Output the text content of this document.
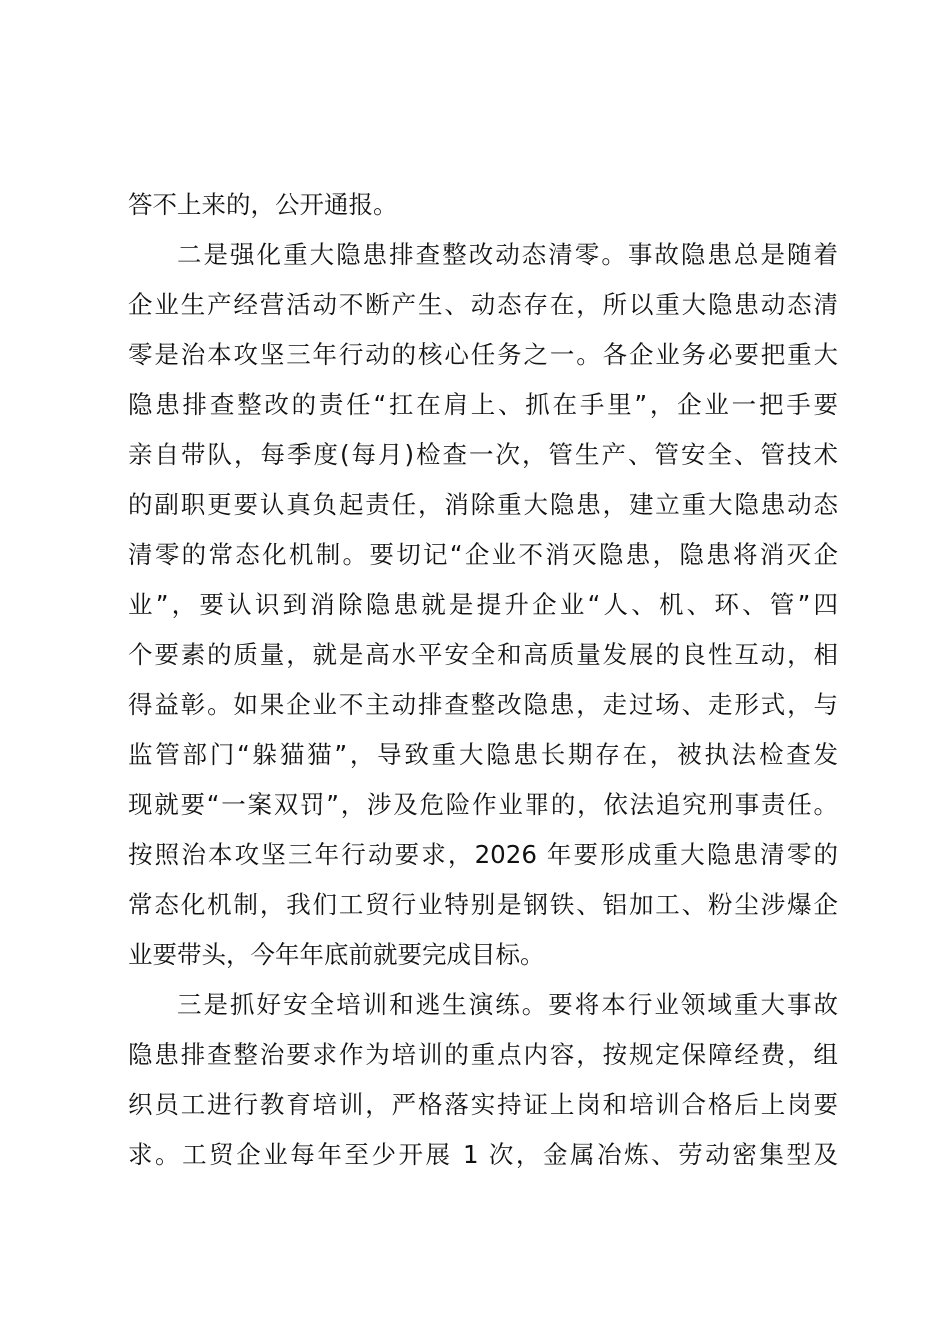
答不上来的，公开通报。
二是强化重大隐患排查整改动态清零。事故隐患总是随着
企业生产经营活动不断产生、动态存在，所以重大隐患动态清
零是治本攻坚三年行动的核心任务之一。各企业务必要把重大
隐患排查整改的责任“扛在肩上、抓在手里”，企业一把手要
亲自带队，每季度(每月)检查一次，管生产、管安全、管技术
的副职更要认真负起责任，消除重大隐患，建立重大隐患动态
清零的常态化机制。要切记“企业不消灭隐患，隐患将消灭企
业”，要认识到消除隐患就是提升企业“人、机、环、管”四
个要素的质量，就是高水平安全和高质量发展的良性互动，相
得益彰。如果企业不主动排查整改隐患，走过场、走形式，与
监管部门“躲猫猫”，导致重大隐患长期存在，被执法检查发
现就要“一案双罚”，涉及危险作业罪的，依法追究刑事责任。
按照治本攻坚三年行动要求，2026 年要形成重大隐患清零的
常态化机制，我们工贸行业特别是钢铁、铝加工、粉尘涉爆企
业要带头，今年年底前就要完成目标。
三是抓好安全培训和逃生演练。要将本行业领域重大事故
隐患排查整治要求作为培训的重点内容，按规定保障经费，组
织员工进行教育培训，严格落实持证上岗和培训合格后上岗要
求。工贸企业每年至少开展 1 次，金属冶炼、劳动密集型及
